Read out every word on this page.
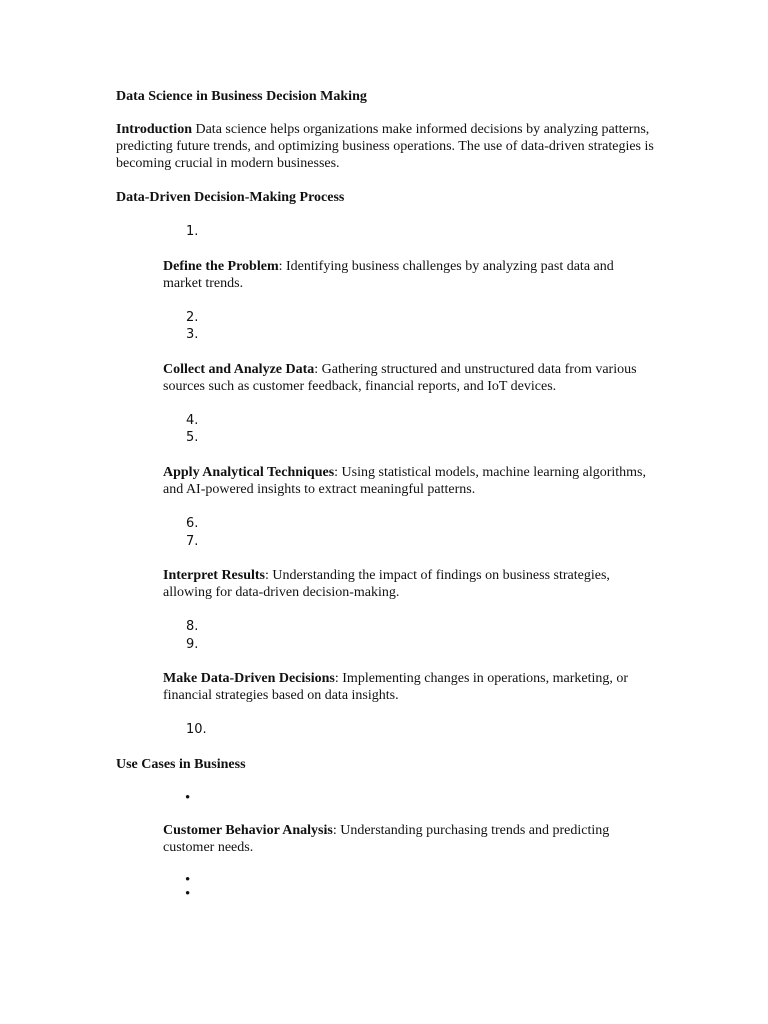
Data Science in Business Decision Making

Introduction Data science helps organizations make informed decisions by analyzing patterns, predicting future trends, and optimizing business operations. The use of data-driven strategies is becoming crucial in modern businesses.

Data-Driven Decision-Making Process

1.
2.
3.
4.
5.
6.
7.
8.
9.
10.

Define the Problem: Identifying business challenges by analyzing past data and market trends.

Collect and Analyze Data: Gathering structured and unstructured data from various sources such as customer feedback, financial reports, and IoT devices.

Apply Analytical Techniques: Using statistical models, machine learning algorithms, and AI-powered insights to extract meaningful patterns.

Interpret Results: Understanding the impact of findings on business strategies, allowing for data-driven decision-making.

Make Data-Driven Decisions: Implementing changes in operations, marketing, or financial strategies based on data insights.

Use Cases in Business

•

Customer Behavior Analysis: Understanding purchasing trends and predicting customer needs.

•
•
